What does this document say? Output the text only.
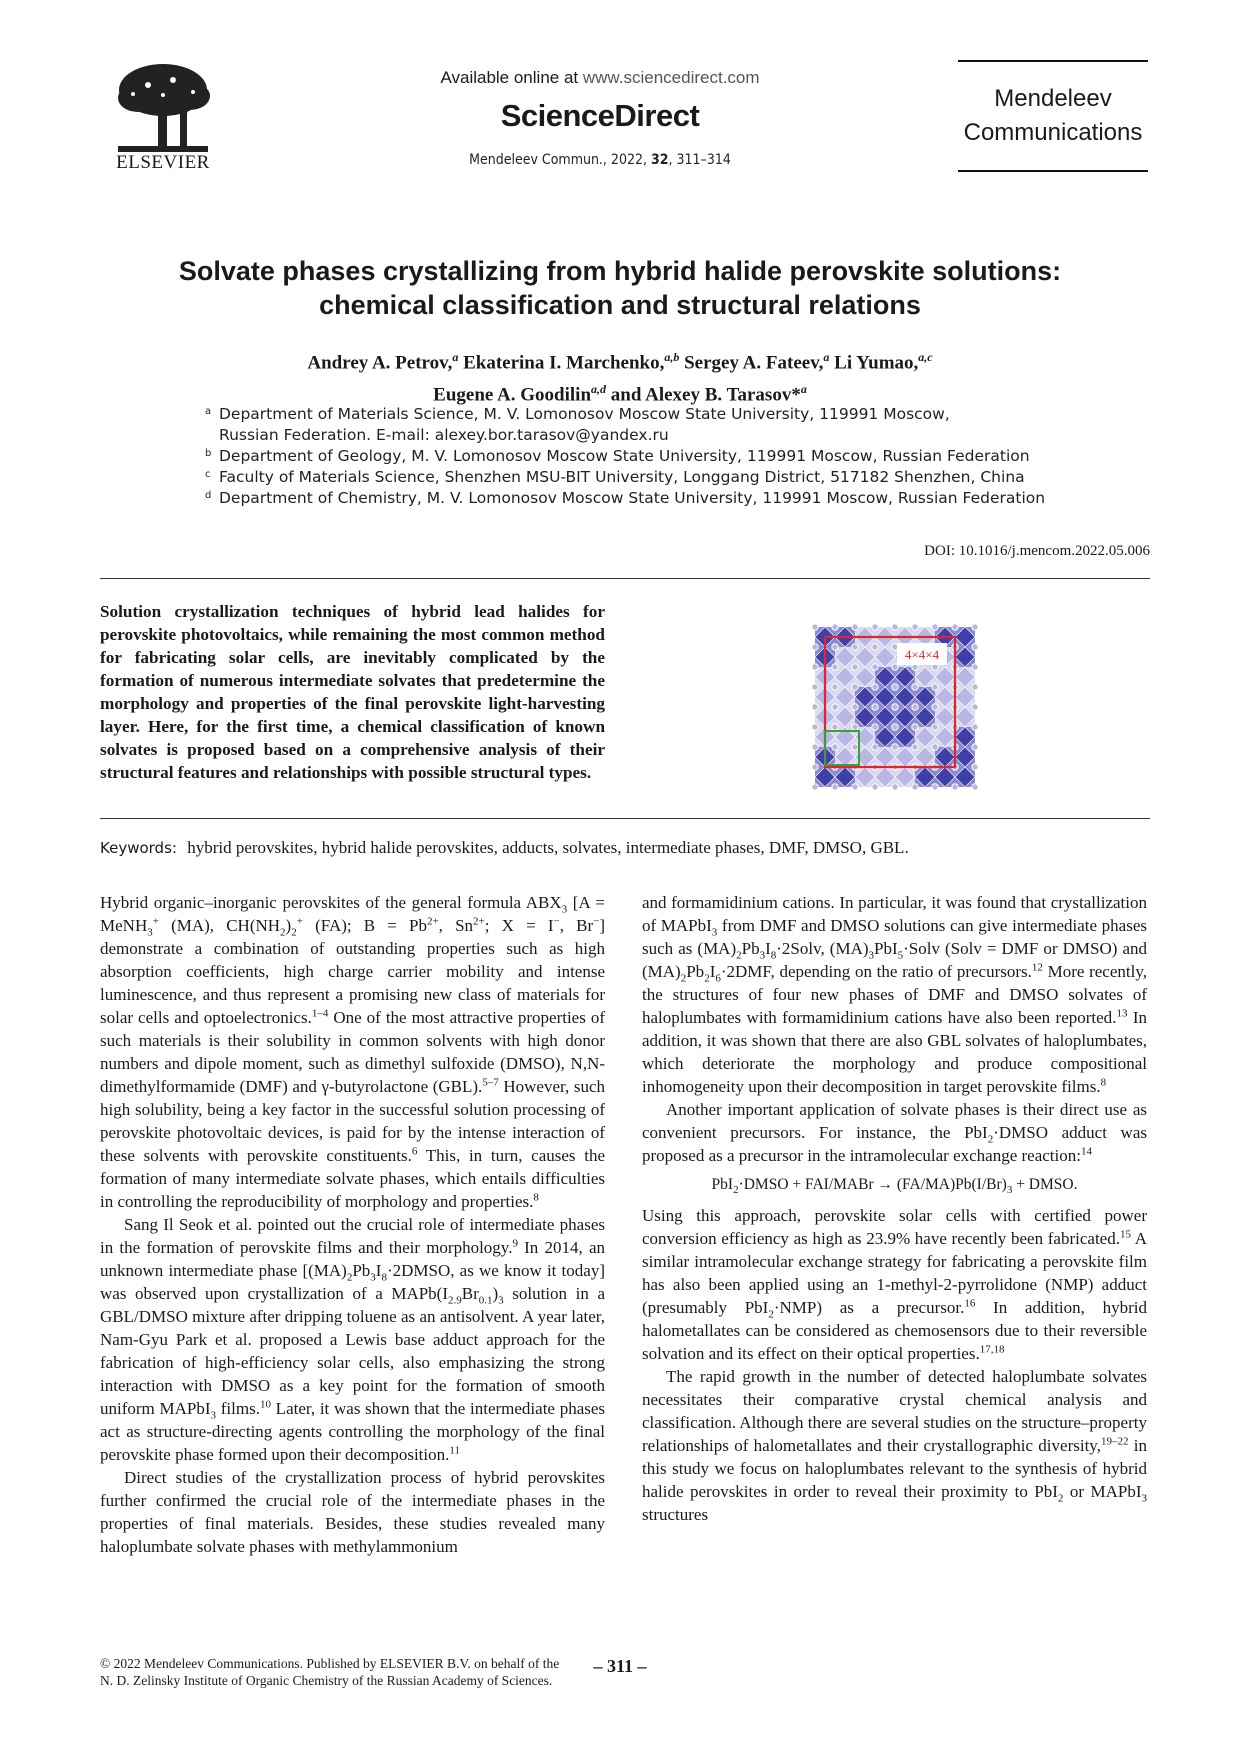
ELSEVIER
Available online at www.sciencedirect.com
ScienceDirect
Mendeleev Commun., 2022, 32, 311–314
Mendeleev
Communications
Solvate phases crystallizing from hybrid halide perovskite solutions:
chemical classification and structural relations
Andrey A. Petrov,$^a$ Ekaterina I. Marchenko,$^{a,b}$ Sergey A. Fateev,$^a$ Li Yumao,$^{a,c}$
Eugene A. Goodilin$^{a,d}$ and Alexey B. Tarasov*$^a$
a Department of Materials Science, M. V. Lomonosov Moscow State University, 119991 Moscow,
Russian Federation. E-mail: alexey.bor.tarasov@yandex.ru
b Department of Geology, M. V. Lomonosov Moscow State University, 119991 Moscow, Russian Federation
c Faculty of Materials Science, Shenzhen MSU-BIT University, Longgang District, 517182 Shenzhen, China
d Department of Chemistry, M. V. Lomonosov Moscow State University, 119991 Moscow, Russian Federation
DOI: 10.1016/j.mencom.2022.05.006
Solution crystallization techniques of hybrid lead halides for perovskite photovoltaics, while remaining the most common method for fabricating solar cells, are inevitably complicated by the formation of numerous intermediate solvates that predetermine the morphology and properties of the final perovskite light-harvesting layer. Here, for the first time, a chemical classification of known solvates is proposed based on a comprehensive analysis of their structural features and relationships with possible structural types.
4×4×4
Keywords: hybrid perovskites, hybrid halide perovskites, adducts, solvates, intermediate phases, DMF, DMSO, GBL.

Hybrid organic–inorganic perovskites of the general formula $ABX_3$ [A = MeNH$_3$+ (MA), $CH(NH_2)_2^+$ (FA); $B = Pb^{2+}$, $Sn^{2+}$; X = I−, Br−] demonstrate a combination of outstanding properties such as high absorption coefficients, high charge carrier mobility and intense luminescence, and thus represent a promising new class of materials for solar cells and optoelectronics.$^{1-4}$ One of the most attractive properties of such materials is their solubility in common solvents with high donor numbers and dipole moment, such as dimethyl sulfoxide (DMSO), N,N-dimethylformamide (DMF) and γ-butyrolactone (GBL).$^{5-7}$ However, such high solubility, being a key factor in the successful solution processing of perovskite photovoltaic devices, is paid for by the intense interaction of these solvents with perovskite constituents.$^6$ This, in turn, causes the formation of many intermediate solvate phases, which entails difficulties in controlling the reproducibility of morphology and properties.$^8$

Sang Il Seok et al. pointed out the crucial role of intermediate phases in the formation of perovskite films and their morphology.$^9$ In 2014, an unknown intermediate phase [$(MA)_2Pb_3I_8\cdot 2DMSO$, as we know it today] was observed upon crystallization of a $MAPb(I_{2.9}Br_{0.1})_3$ solution in a GBL/DMSO mixture after dripping toluene as an antisolvent. A year later, Nam-Gyu Park et al. proposed a Lewis base adduct approach for the fabrication of high-efficiency solar cells, also emphasizing the strong interaction with DMSO as a key point for the formation of smooth uniform MAPbI$_3$ films.$^{10}$ Later, it was shown that the intermediate phases act as structure-directing agents controlling the morphology of the final perovskite phase formed upon their decomposition.$^{11}$

Direct studies of the crystallization process of hybrid perovskites further confirmed the crucial role of the intermediate phases in the properties of final materials. Besides, these studies revealed many haloplumbate solvate phases with methylammonium

and formamidinium cations. In particular, it was found that crystallization of MAPbI$_3$ from DMF and DMSO solutions can give intermediate phases such as $(MA)_2Pb_3I_8\cdot 2Solv$, $(MA)_3PbI_5\cdot Solv$ (Solv = DMF or DMSO) and $(MA)_2Pb_2I_6\cdot 2DMF$, depending on the ratio of precursors.$^{12}$ More recently, the structures of four new phases of DMF and DMSO solvates of haloplumbates with formamidinium cations have also been reported.$^{13}$ In addition, it was shown that there are also GBL solvates of haloplumbates, which deteriorate the morphology and produce compositional inhomogeneity upon their decomposition in target perovskite films.$^8$

Another important application of solvate phases is their direct use as convenient precursors. For instance, the PbI$_2$·DMSO adduct was proposed as a precursor in the intramolecular exchange reaction:$^{14}$

PbI$_2$·DMSO + FAI/MABr → $(FA/MA)Pb(I/Br)_3$ + DMSO.

Using this approach, perovskite solar cells with certified power conversion efficiency as high as 23.9% have recently been fabricated.$^{15}$ A similar intramolecular exchange strategy for fabricating a perovskite film has also been applied using an 1-methyl-2-pyrrolidone (NMP) adduct (presumably PbI$_2$·NMP) as a precursor.$^{16}$ In addition, hybrid halometallates can be considered as chemosensors due to their reversible solvation and its effect on their optical properties.$^{17,18}$

The rapid growth in the number of detected haloplumbate solvates necessitates their comparative crystal chemical analysis and classification. Although there are several studies on the structure–property relationships of halometallates and their crystallographic diversity,$^{19-22}$ in this study we focus on haloplumbates relevant to the synthesis of hybrid halide perovskites in order to reveal their proximity to PbI$_2$ or MAPbI$_3$ structures

© 2022 Mendeleev Communications. Published by ELSEVIER B.V. on behalf of the N. D. Zelinsky Institute of Organic Chemistry of the Russian Academy of Sciences.
– 311 –
